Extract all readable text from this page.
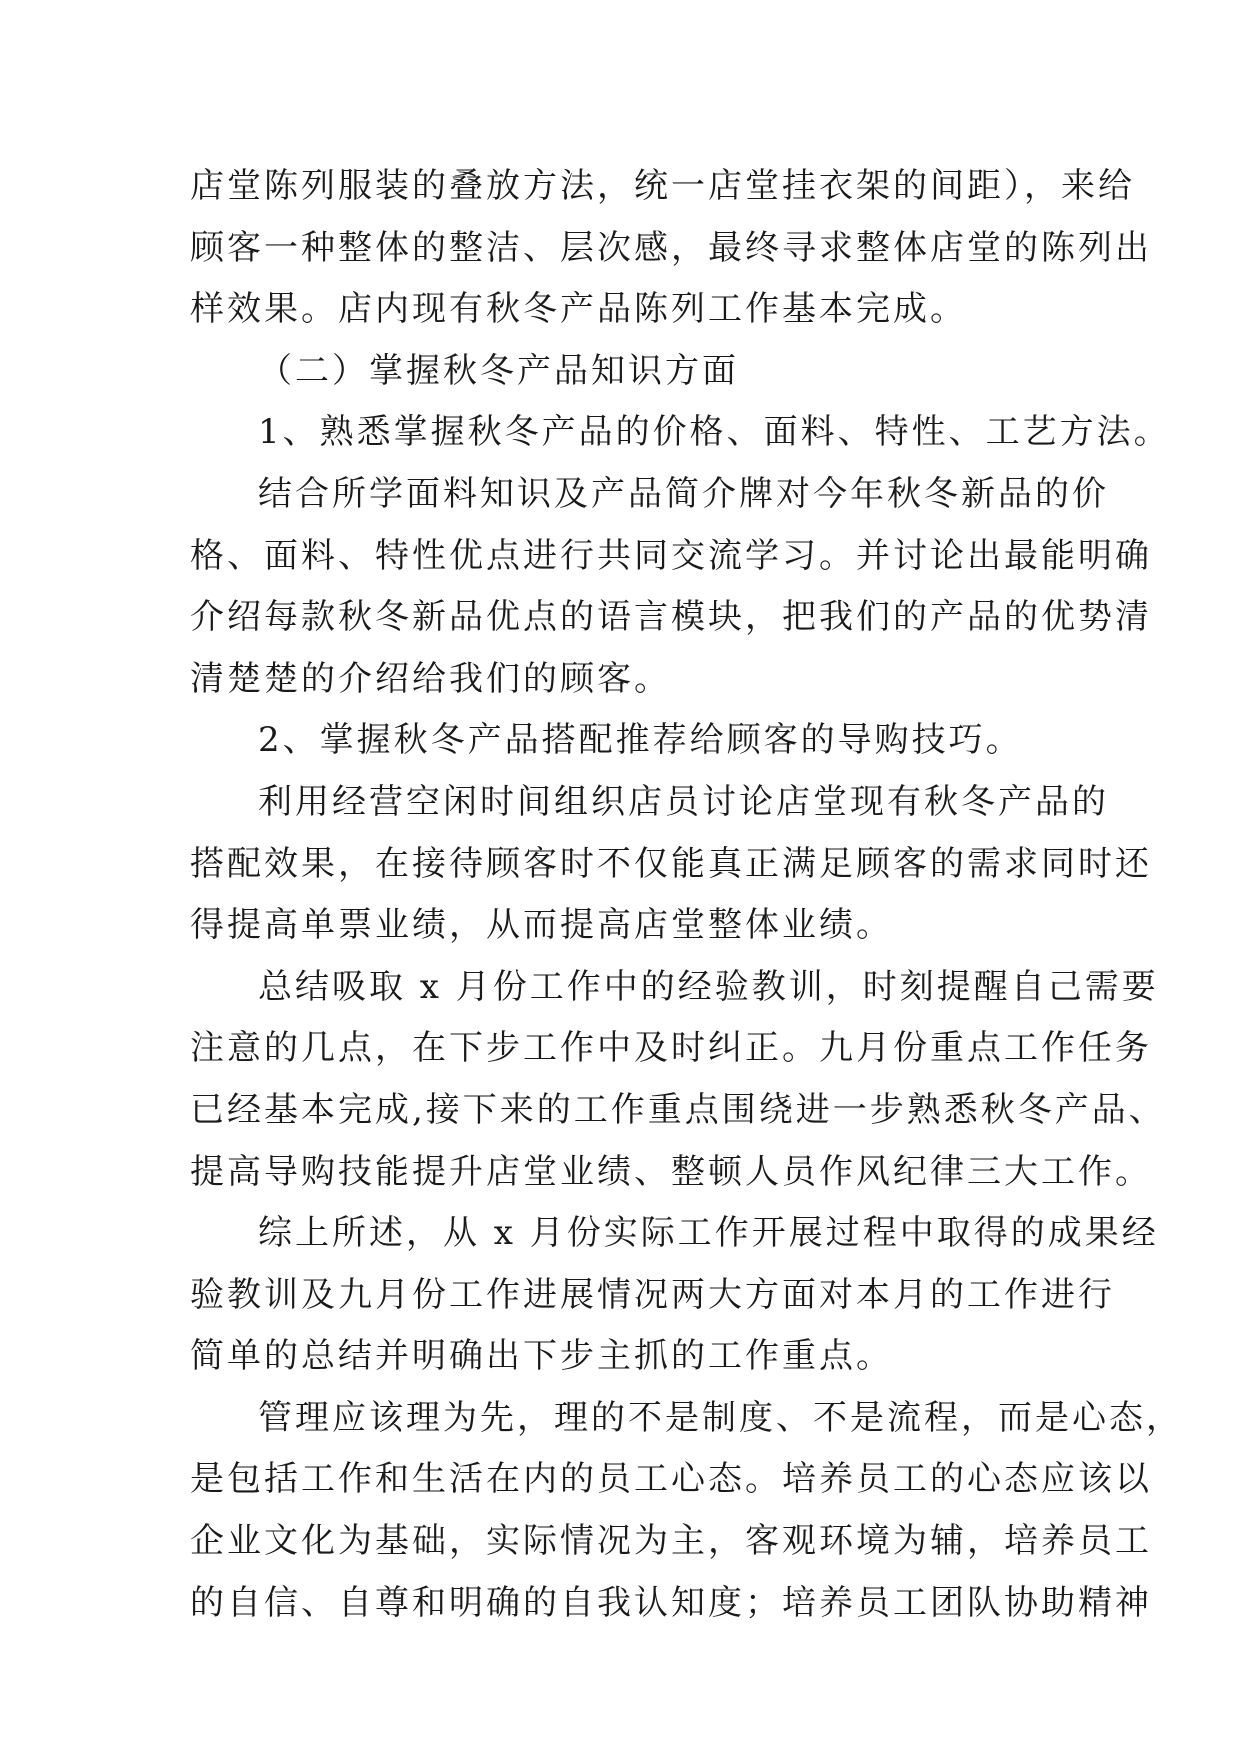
店堂陈列服装的叠放方法，统一店堂挂衣架的间距），来给
顾客一种整体的整洁、层次感，最终寻求整体店堂的陈列出
样效果。店内现有秋冬产品陈列工作基本完成。
（二）掌握秋冬产品知识方面
1、熟悉掌握秋冬产品的价格、面料、特性、工艺方法。
结合所学面料知识及产品简介牌对今年秋冬新品的价
格、面料、特性优点进行共同交流学习。并讨论出最能明确
介绍每款秋冬新品优点的语言模块，把我们的产品的优势清
清楚楚的介绍给我们的顾客。
2、掌握秋冬产品搭配推荐给顾客的导购技巧。
利用经营空闲时间组织店员讨论店堂现有秋冬产品的
搭配效果，在接待顾客时不仅能真正满足顾客的需求同时还
得提高单票业绩，从而提高店堂整体业绩。
总结吸取 x 月份工作中的经验教训，时刻提醒自己需要
注意的几点，在下步工作中及时纠正。九月份重点工作任务
已经基本完成,接下来的工作重点围绕进一步熟悉秋冬产品、
提高导购技能提升店堂业绩、整顿人员作风纪律三大工作。
综上所述，从 x 月份实际工作开展过程中取得的成果经
验教训及九月份工作进展情况两大方面对本月的工作进行
简单的总结并明确出下步主抓的工作重点。
管理应该理为先，理的不是制度、不是流程，而是心态，
是包括工作和生活在内的员工心态。培养员工的心态应该以
企业文化为基础，实际情况为主，客观环境为辅，培养员工
的自信、自尊和明确的自我认知度；培养员工团队协助精神
